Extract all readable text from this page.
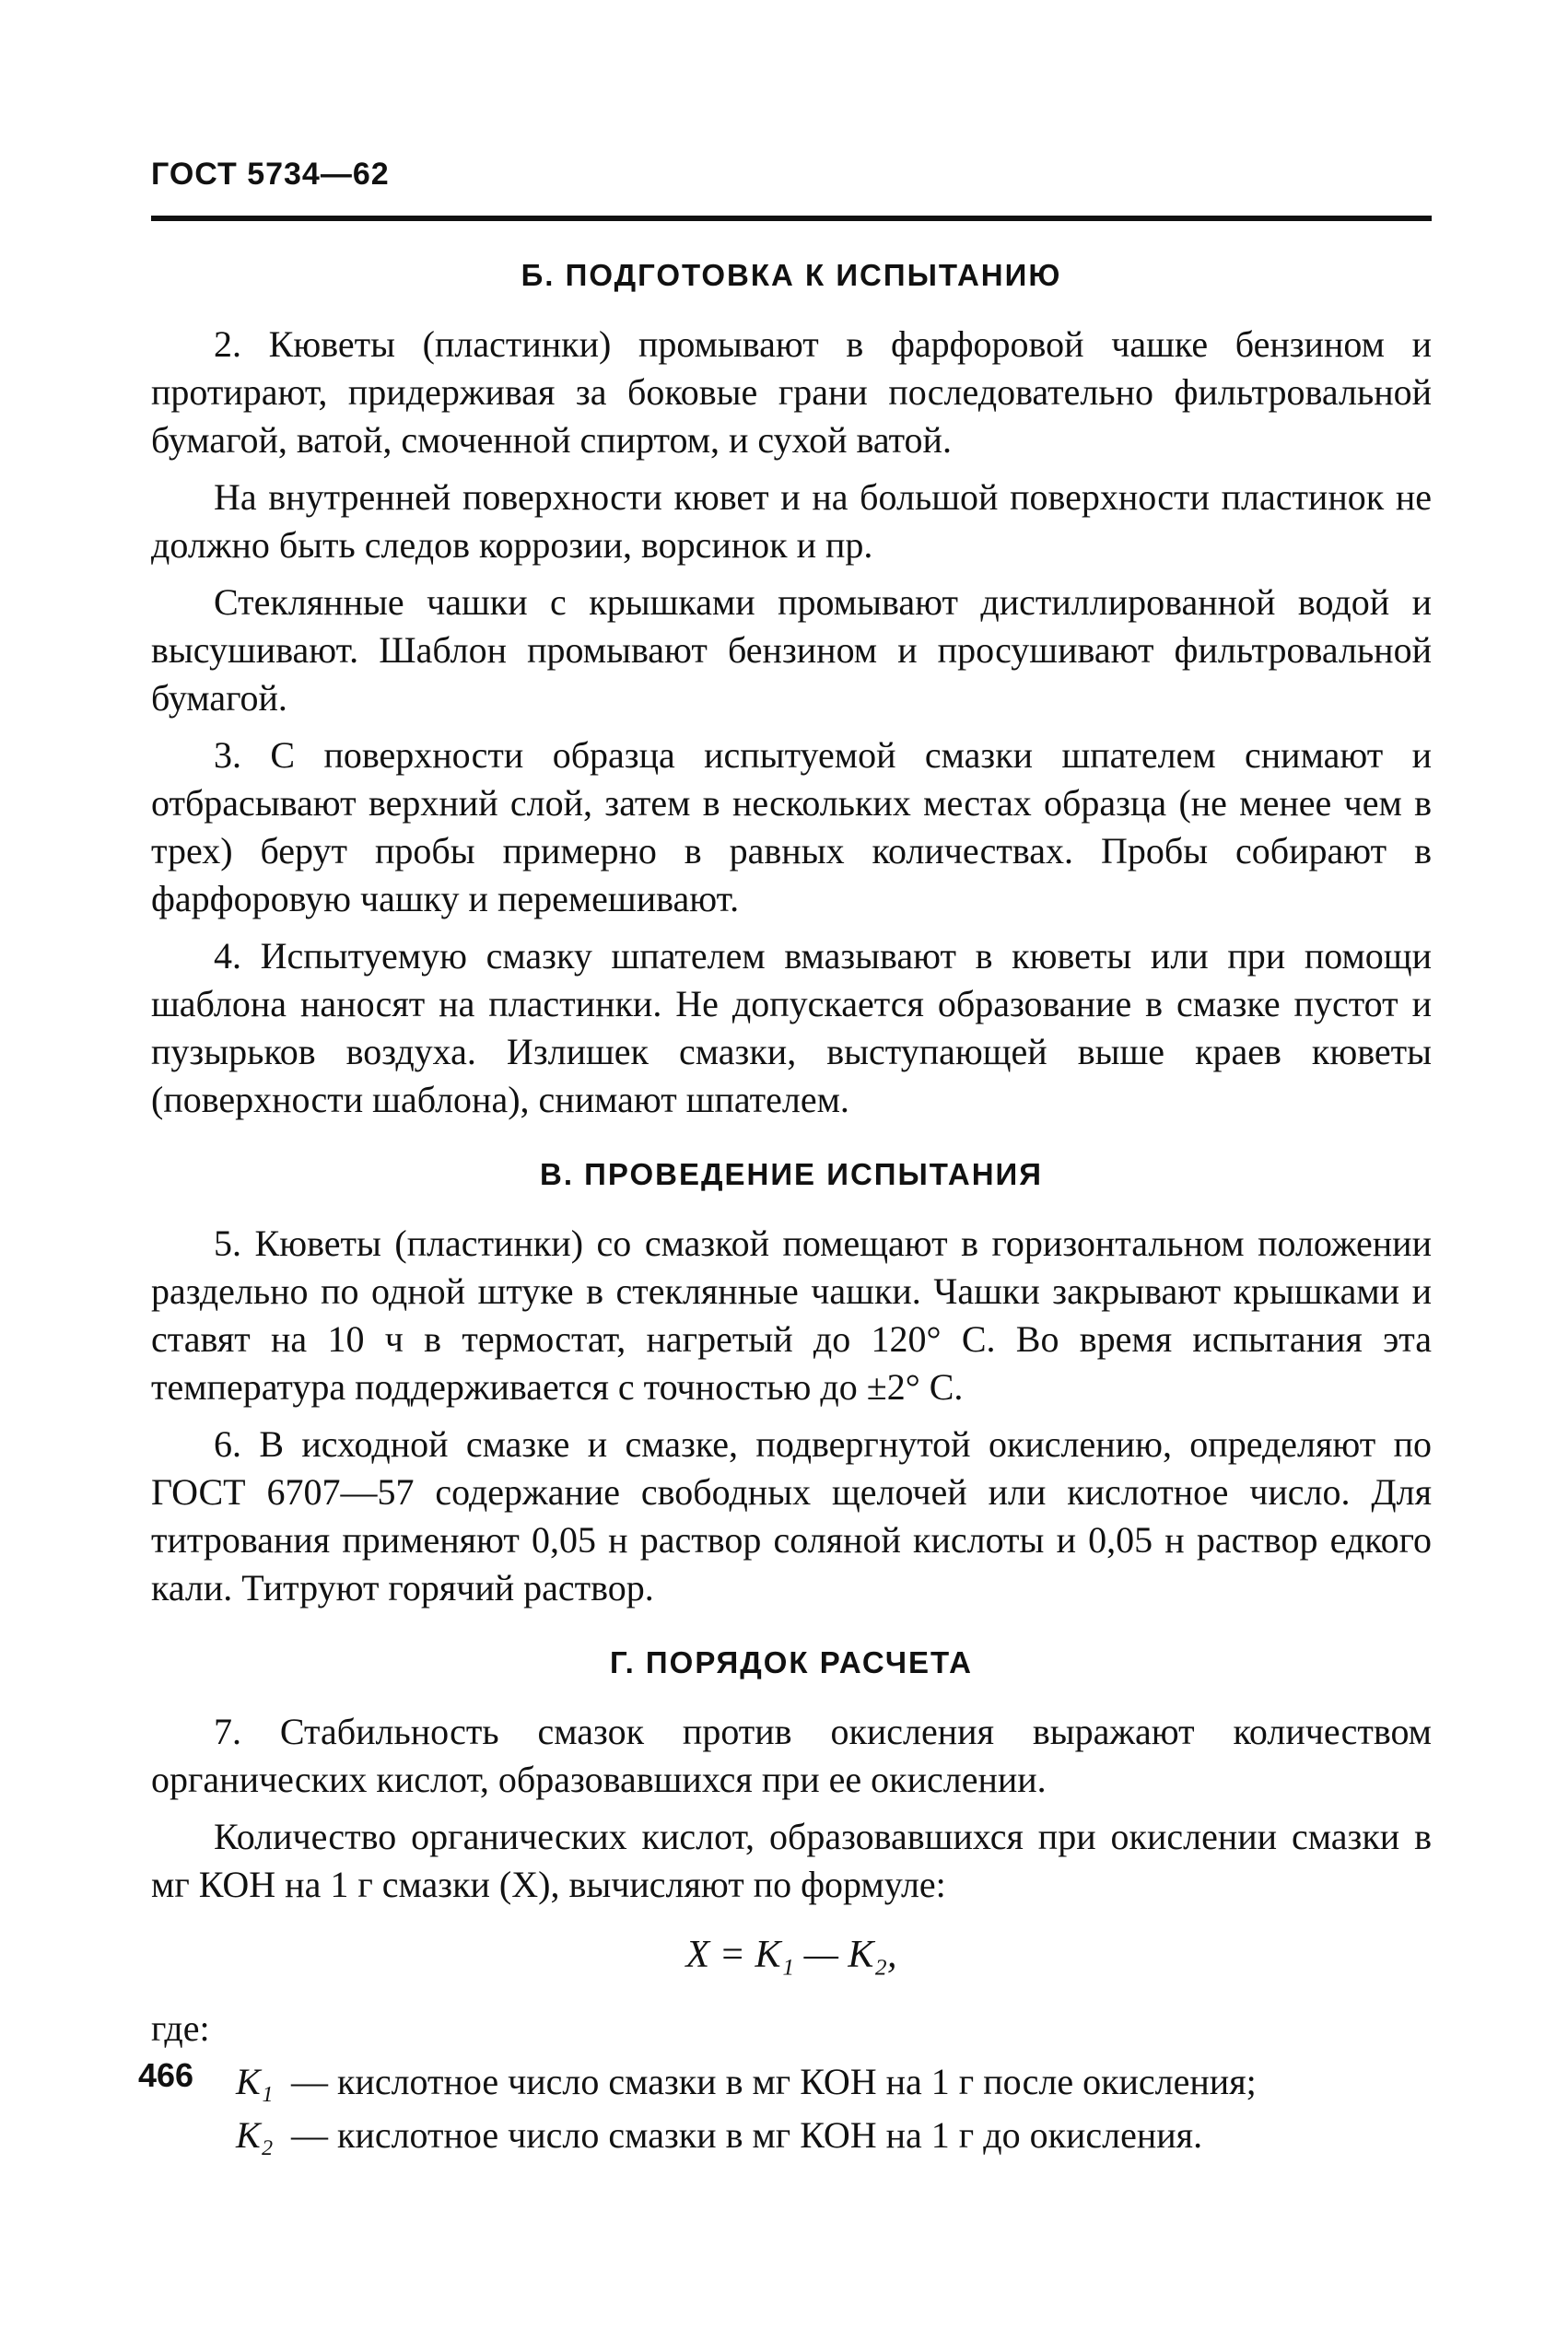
ГОСТ 5734—62
Б. ПОДГОТОВКА К ИСПЫТАНИЮ

2. Кюветы (пластинки) промывают в фарфоровой чашке бензином и протирают, придерживая за боковые грани последовательно фильтровальной бумагой, ватой, смоченной спиртом, и сухой ватой.

На внутренней поверхности кювет и на большой поверхности пластинок не должно быть следов коррозии, ворсинок и пр.

Стеклянные чашки с крышками промывают дистиллированной водой и высушивают. Шаблон промывают бензином и просушивают фильтровальной бумагой.

3. С поверхности образца испытуемой смазки шпателем снимают и отбрасывают верхний слой, затем в нескольких местах образца (не менее чем в трех) берут пробы примерно в равных количествах. Пробы собирают в фарфоровую чашку и перемешивают.

4. Испытуемую смазку шпателем вмазывают в кюветы или при помощи шаблона наносят на пластинки. Не допускается образование в смазке пустот и пузырьков воздуха. Излишек смазки, выступающей выше краев кюветы (поверхности шаблона), снимают шпателем.

В. ПРОВЕДЕНИЕ ИСПЫТАНИЯ

5. Кюветы (пластинки) со смазкой помещают в горизонтальном положении раздельно по одной штуке в стеклянные чашки. Чашки закрывают крышками и ставят на 10 ч в термостат, нагретый до 120° С. Во время испытания эта температура поддерживается с точностью до ±2° С.

6. В исходной смазке и смазке, подвергнутой окислению, определяют по ГОСТ 6707—57 содержание свободных щелочей или кислотное число. Для титрования применяют 0,05 н раствор соляной кислоты и 0,05 н раствор едкого кали. Титруют горячий раствор.

Г. ПОРЯДОК РАСЧЕТА

7. Стабильность смазок против окисления выражают количеством органических кислот, образовавшихся при ее окислении.

Количество органических кислот, образовавшихся при окислении смазки в мг КОН на 1 г смазки (X), вычисляют по формуле:

X = K₁ — K₂,
где:
K₁ — кислотное число смазки в мг КОН на 1 г после окисления;
K₂ — кислотное число смазки в мг КОН на 1 г до окисления.
466
